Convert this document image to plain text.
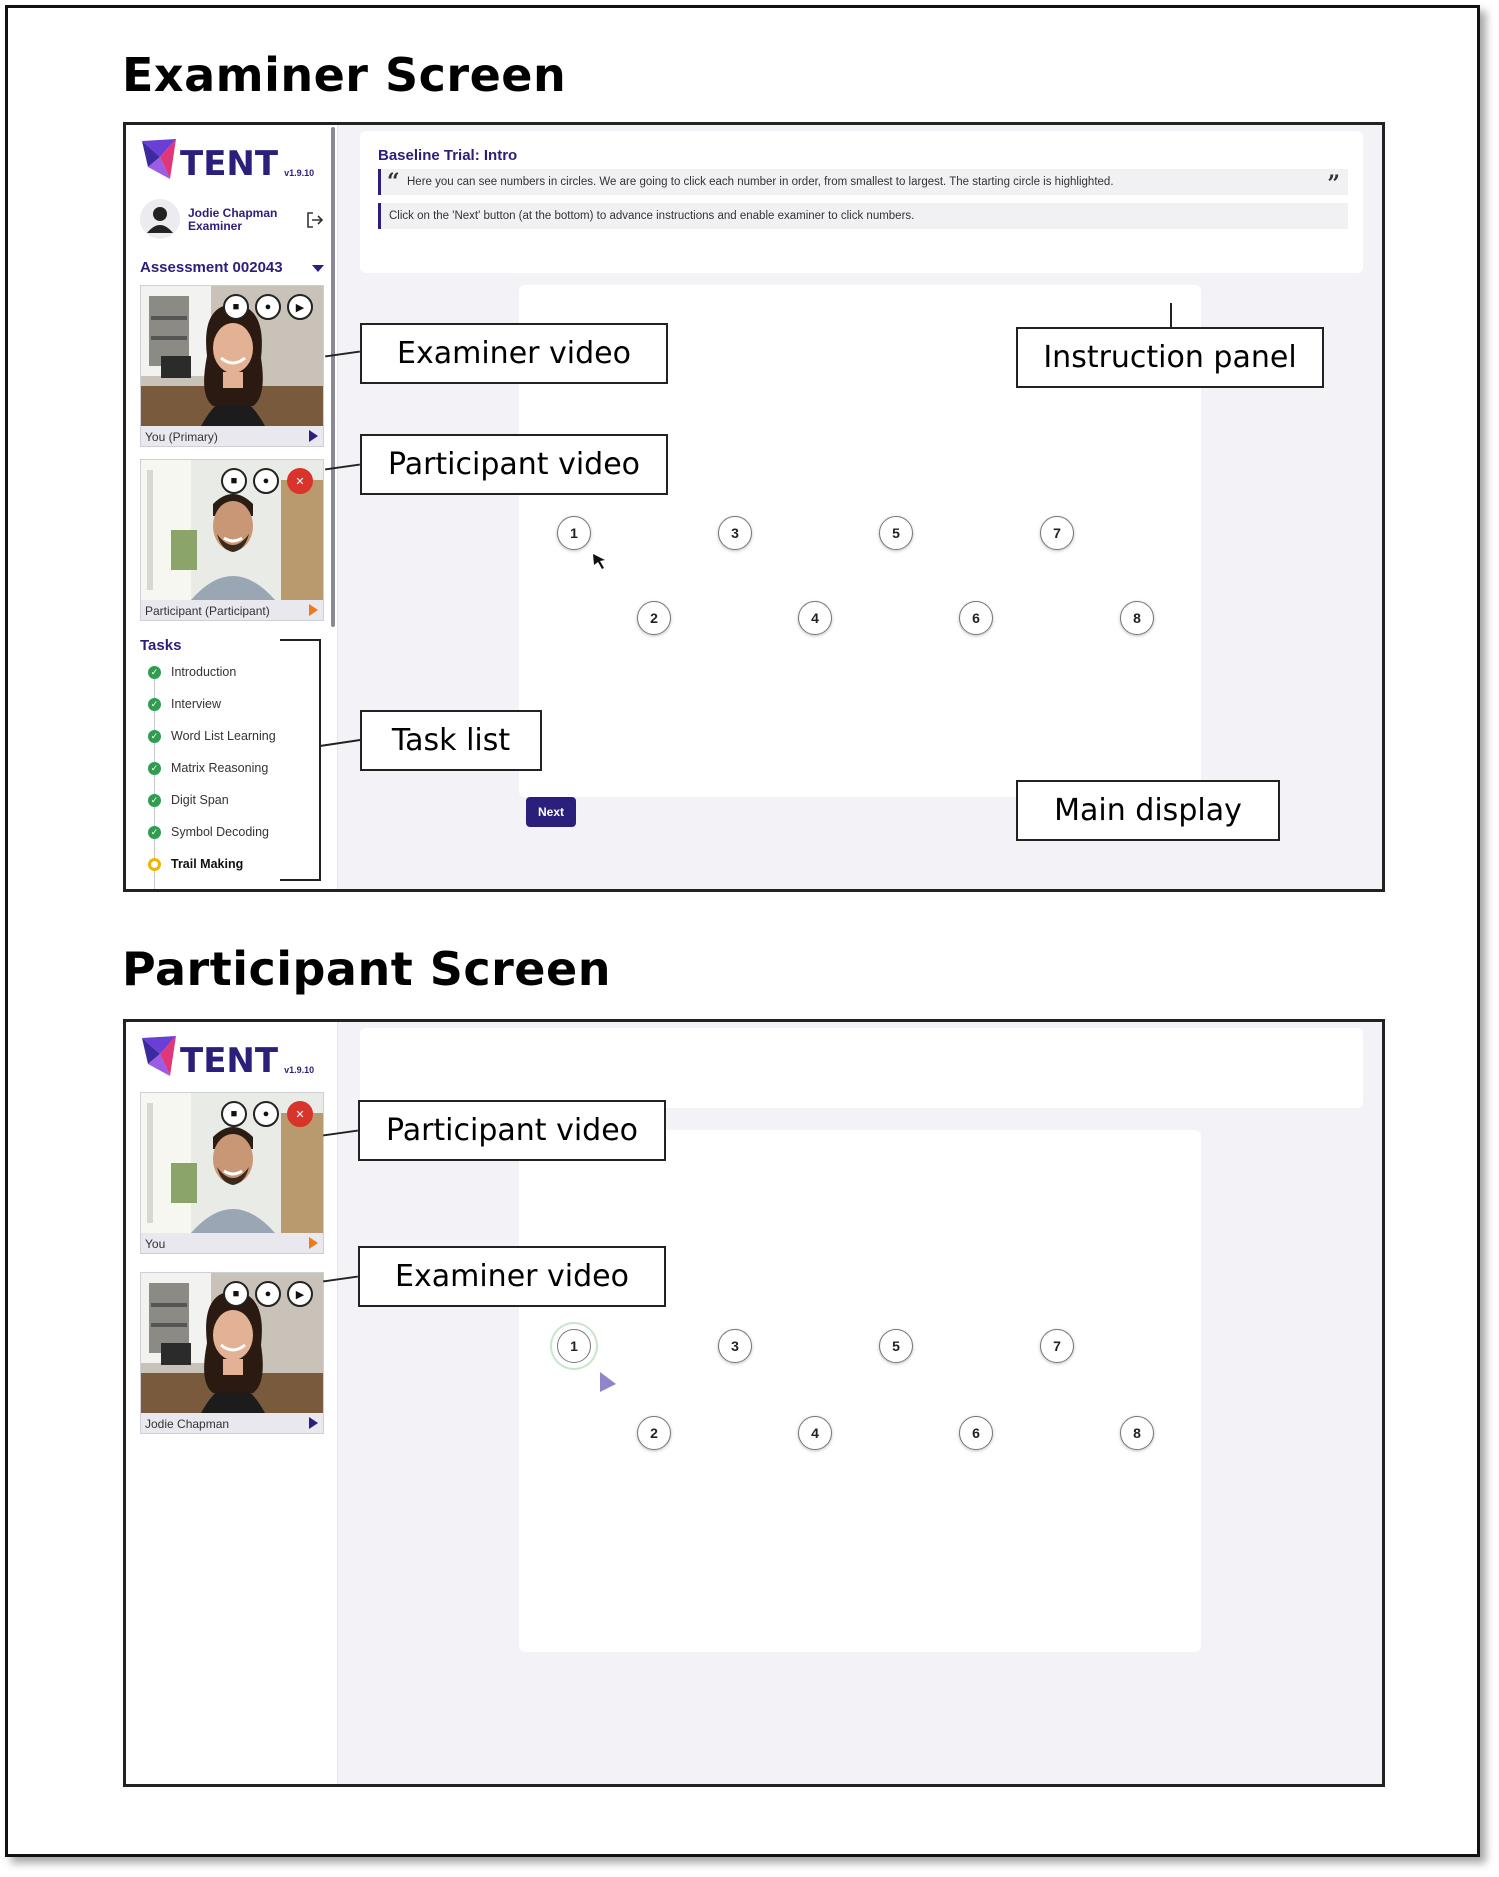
Examiner Screen
TENT v1.9.10
Jodie Chapman
Examiner
Assessment 002043
■	●	▶
You (Primary)
■	●	✕
Participant (Participant)
Tasks
✓ Introduction
✓ Interview
✓ Word List Learning
✓ Matrix Reasoning
✓ Digit Span
✓ Symbol Decoding
Trail Making
Baseline Trial: Intro
“ Here you can see numbers in circles. We are going to click each number in order, from smallest to largest. The starting circle is highlighted.	”
Click on the 'Next' button (at the bottom) to advance instructions and enable examiner to click numbers.
1	3	5	7
2	4	6	8
Next
Examiner video
Participant video
Instruction panel
Task list
Main display
Participant Screen
TENT v1.9.10
■	●	✕
You
■	●	▶
Jodie Chapman
1	3	5	7
2	4	6	8
Participant video
Examiner video
